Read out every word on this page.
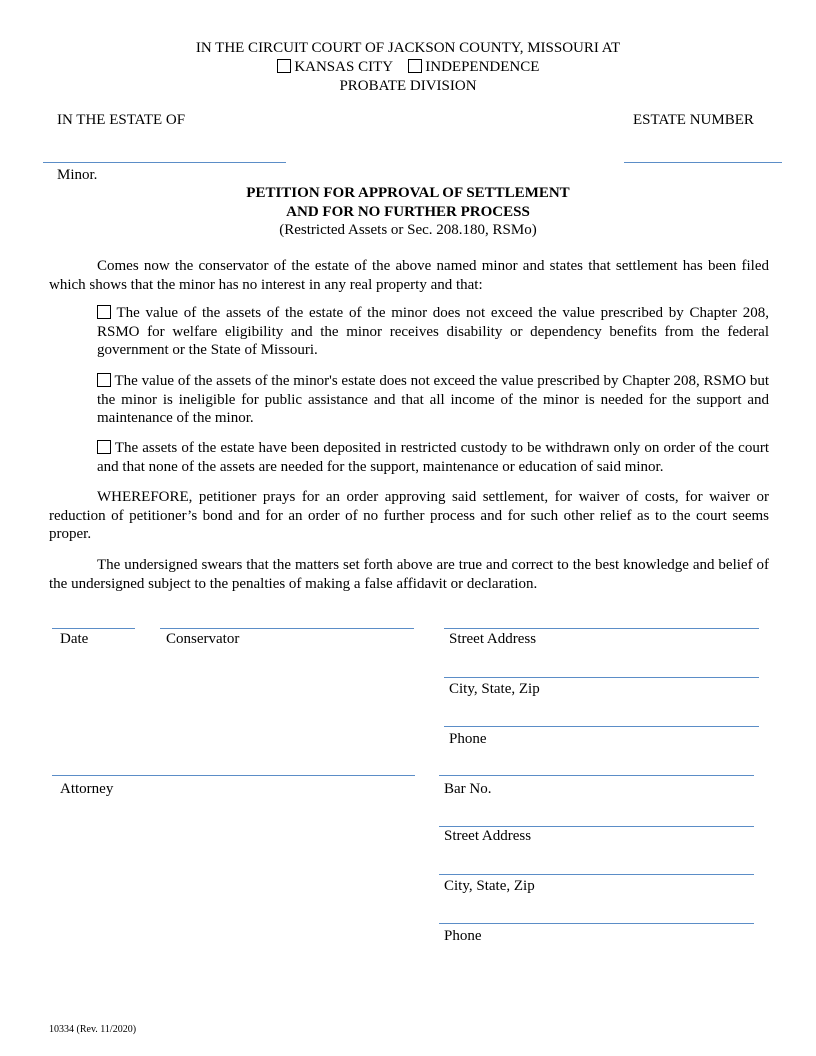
IN THE CIRCUIT COURT OF JACKSON COUNTY, MISSOURI AT
KANSAS CITY INDEPENDENCE
PROBATE DIVISION
IN THE ESTATE OF	ESTATE NUMBER
Minor.
PETITION FOR APPROVAL OF SETTLEMENT
AND FOR NO FURTHER PROCESS
(Restricted Assets or Sec. 208.180, RSMo)
Comes now the conservator of the estate of the above named minor and states that settlement has been filed which shows that the minor has no interest in any real property and that:
The value of the assets of the estate of the minor does not exceed the value prescribed by Chapter 208, RSMO for welfare eligibility and the minor receives disability or dependency benefits from the federal government or the State of Missouri.
The value of the assets of the minor's estate does not exceed the value prescribed by Chapter 208, RSMO but the minor is ineligible for public assistance and that all income of the minor is needed for the support and maintenance of the minor.
The assets of the estate have been deposited in restricted custody to be withdrawn only on order of the court and that none of the assets are needed for the support, maintenance or education of said minor.
WHEREFORE, petitioner prays for an order approving said settlement, for waiver of costs, for waiver or reduction of petitioner’s bond and for an order of no further process and for such other relief as to the court seems proper.
The undersigned swears that the matters set forth above are true and correct to the best knowledge and belief of the undersigned subject to the penalties of making a false affidavit or declaration.
Date	Conservator	Street Address
City, State, Zip
Phone
Attorney	Bar No.
Street Address
City, State, Zip
Phone
10334 (Rev. 11/2020)
